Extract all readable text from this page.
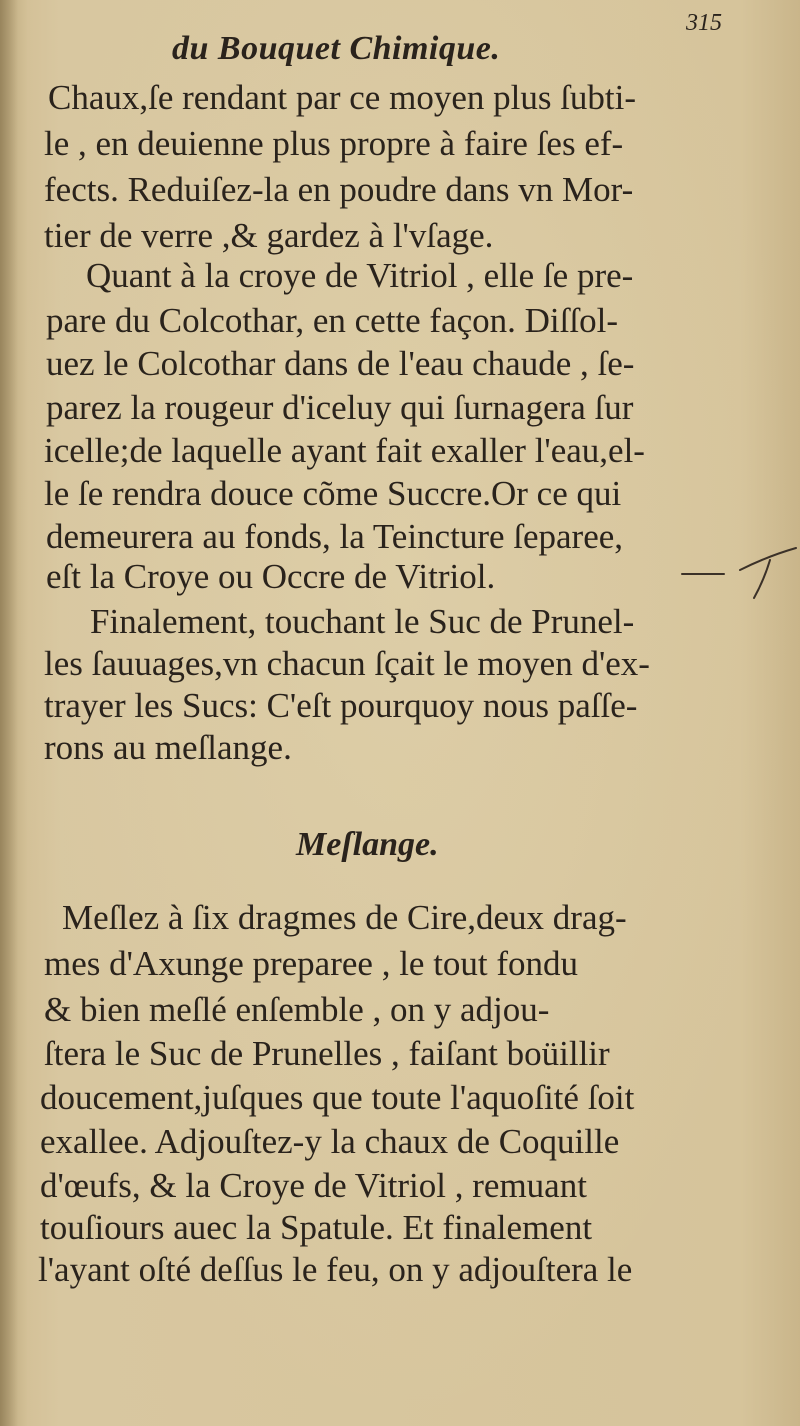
du Bouquet Chimique.
315
Chaux,ſe rendant par ce moyen plus ſubti-
le , en deuienne plus propre à faire ſes ef-
fects. Reduiſez-la en poudre dans vn Mor-
tier de verre ,& gardez à l'vſage.
Quant à la croye de Vitriol , elle ſe pre-
pare du Colcothar, en cette façon. Diſſol-
uez le Colcothar dans de l'eau chaude , ſe-
parez la rougeur d'iceluy qui ſurnagera ſur
icelle;de laquelle ayant fait exaller l'eau,el-
le ſe rendra douce cõme Succre.Or ce qui
demeurera au fonds, la Teincture ſeparee,
eſt la Croye ou Occre de Vitriol.
Finalement, touchant le Suc de Prunel-
les ſauuages,vn chacun ſçait le moyen d'ex-
trayer les Sucs: C'eſt pourquoy nous paſſe-
rons au meſlange.
Meſlange.
Meſlez à ſix dragmes de Cire,deux drag-
mes d'Axunge preparee , le tout fondu
& bien meſlé enſemble , on y adjou-
ſtera le Suc de Prunelles , faiſant boüillir
doucement,juſques que toute l'aquoſité ſoit
exallee. Adjouſtez-y la chaux de Coquille
d'œufs, & la Croye de Vitriol , remuant
touſiours auec la Spatule. Et finalement
l'ayant oſté deſſus le feu, on y adjouſtera le
